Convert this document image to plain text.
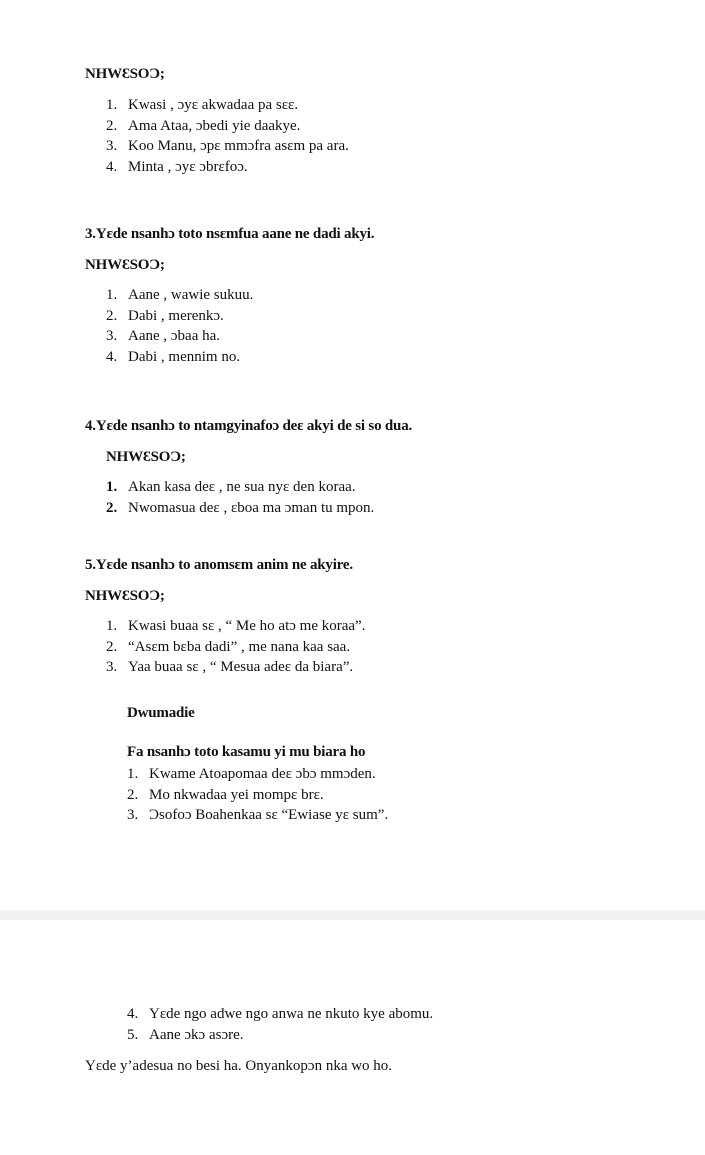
NHWƐSOƆ;

1. Kwasi , ɔyɛ akwadaa pa sɛɛ.
2. Ama Ataa, ɔbedi yie daakye.
3. Koo Manu, ɔpɛ mmɔfra asɛm pa ara.
4. Minta , ɔyɛ ɔbrɛfoɔ.

3.Yɛde nsanhɔ toto nsɛmfua aane ne dadi akyi.

NHWƐSOƆ;

1. Aane , wawie sukuu.
2. Dabi , merenkɔ.
3. Aane , ɔbaa ha.
4. Dabi , mennim no.

4.Yɛde nsanhɔ to ntamgyinafoɔ deɛ akyi de si so dua.

NHWƐSOƆ;

1. Akan kasa deɛ , ne sua nyɛ den koraa.
2. Nwomasua deɛ , ɛboa ma ɔman tu mpon.

5.Yɛde nsanhɔ to anomsɛm anim ne akyire.

NHWƐSOƆ;

1. Kwasi buaa sɛ , “ Me ho atɔ me koraa”.
2. “Asɛm bɛba dadi” , me nana kaa saa.
3. Yaa buaa sɛ , “ Mesua adeɛ da biara”.

Dwumadie

Fa nsanhɔ toto kasamu yi mu biara ho

1. Kwame Atoapomaa deɛ ɔbɔ mmɔden.
2. Mo nkwadaa yei mompɛ brɛ.
3. Ɔsofoɔ Boahenkaa sɛ “Ewiase yɛ sum”.
4. Yɛde ngo adwe ngo anwa ne nkuto kye abomu.
5. Aane ɔkɔ asɔre.

Yɛde y’adesua no besi ha. Onyankopɔn nka wo ho.
